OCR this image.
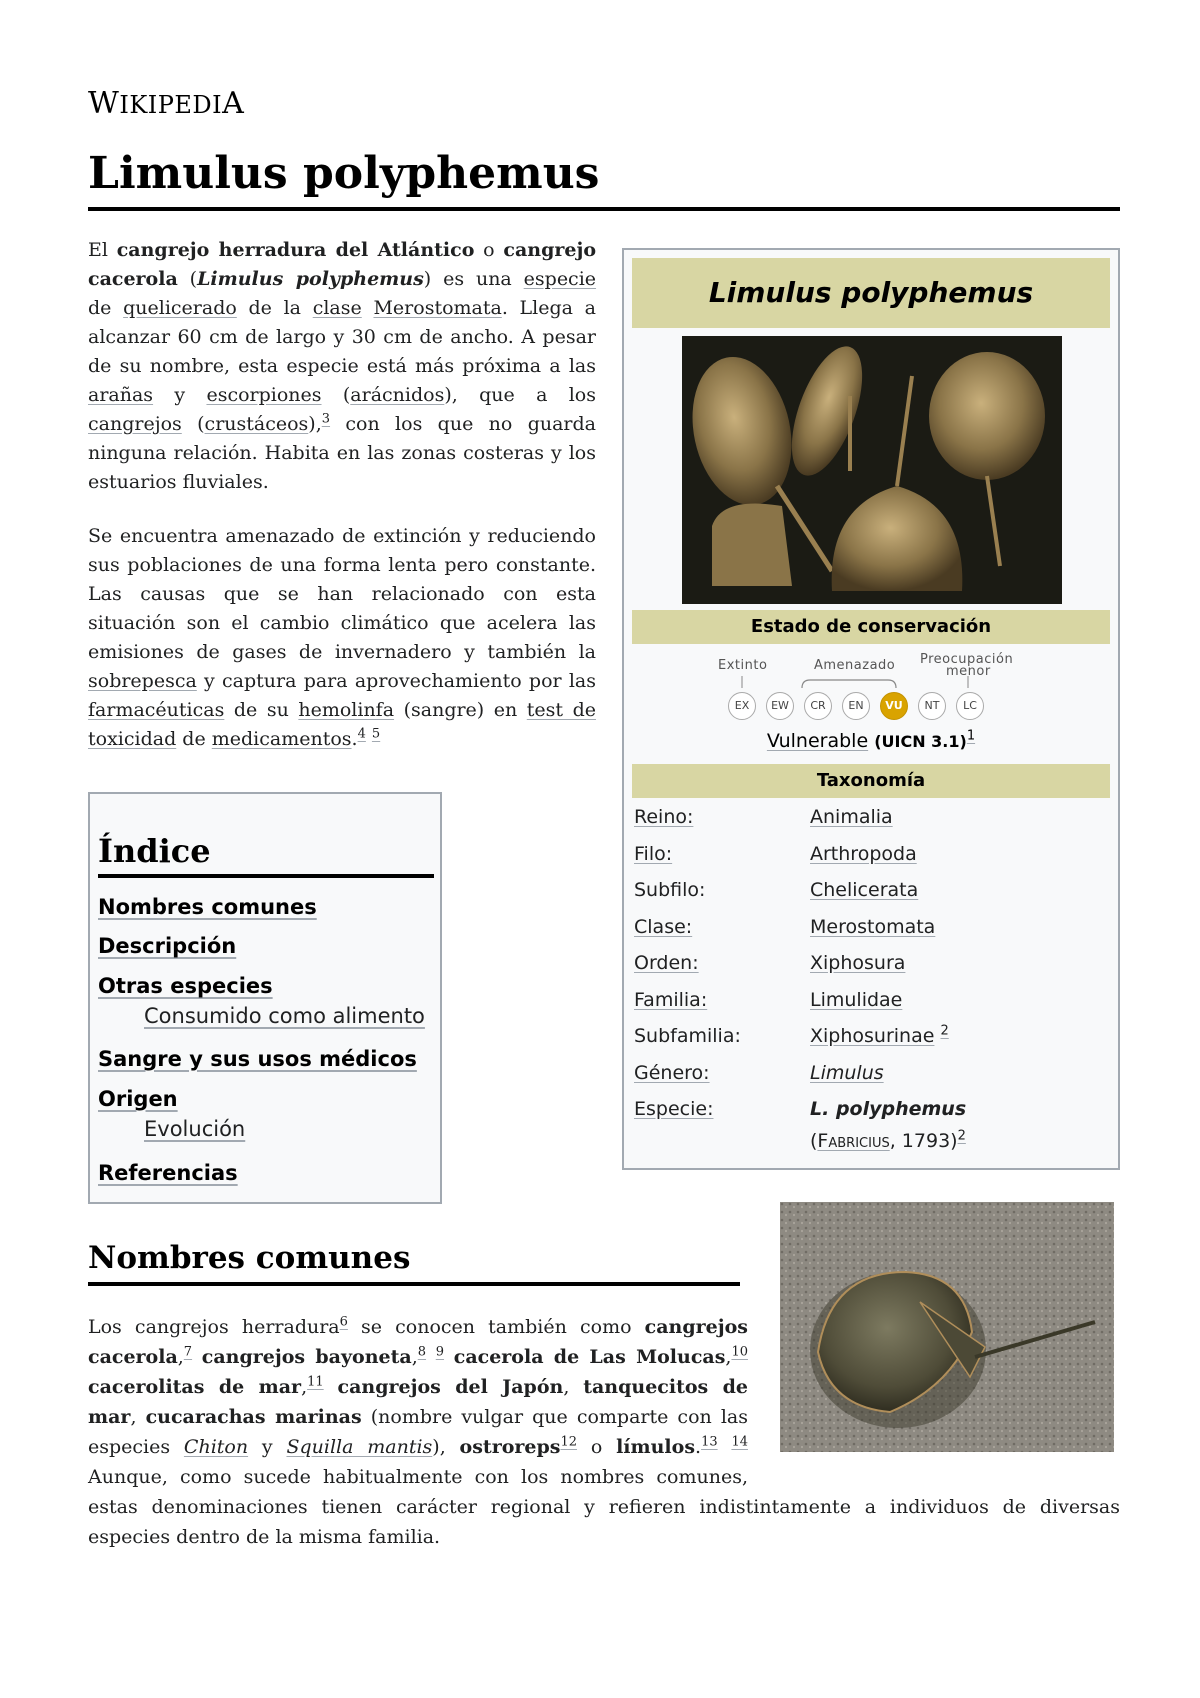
WIKIPEDIA
Limulus polyphemus

El cangrejo herradura del Atlántico o cangrejo cacerola (Limulus polyphemus) es una especie de quelicerado de la clase Merostomata. Llega a alcanzar 60 cm de largo y 30 cm de ancho. A pesar de su nombre, esta especie está más próxima a las arañas y escorpiones (arácnidos), que a los cangrejos (crustáceos),$^3$ con los que no guarda ninguna relación. Habita en las zonas costeras y los estuarios fluviales.

Se encuentra amenazado de extinción y reduciendo sus poblaciones de una forma lenta pero constante. Las causas que se han relacionado con esta situación son el cambio climático que acelera las emisiones de gases de invernadero y también la sobrepesca y captura para aprovechamiento por las farmacéuticas de su hemolinfa (sangre) en test de toxicidad de medicamentos.$^4$ $^5$

Limulus polyphemus
Estado de conservación
Extinto	Amenazado Preocupación
menor
EX	EW	CR	EN	VU	NT	LC
Vulnerable (UICN 3.1)$^1$
Taxonomía
Reino:	Animalia
Filo:	Arthropoda
Subfilo:	Chelicerata
Clase:	Merostomata
Orden:	Xiphosura
Familia:	Limulidae
Subfamilia:	Xiphosurinae $^2$
Género:	Limulus
Especie:	L. polyphemus
(Fabricius, 1793)$^2$
Índice
Nombres comunes
Descripción
Otras especies
Consumido como alimento
Sangre y sus usos médicos
Origen
Evolución
Referencias
Nombres comunes
Los cangrejos herradura$^6$ se conocen también como cangrejos cacerola,$^7$ cangrejos bayoneta,$^8$ $^9$ cacerola de Las Molucas,$^{10}$ cacerolitas de mar,$^{11}$ cangrejos del Japón, tanquecitos de mar, cucarachas marinas (nombre vulgar que comparte con las especies Chiton y Squilla mantis), ostroreps$^{12}$ o límulos.$^{13}$ $^{14}$ Aunque, como sucede habitualmente con los nombres comunes, estas denominaciones tienen carácter regional y refieren indistintamente a individuos de diversas especies dentro de la misma familia.
